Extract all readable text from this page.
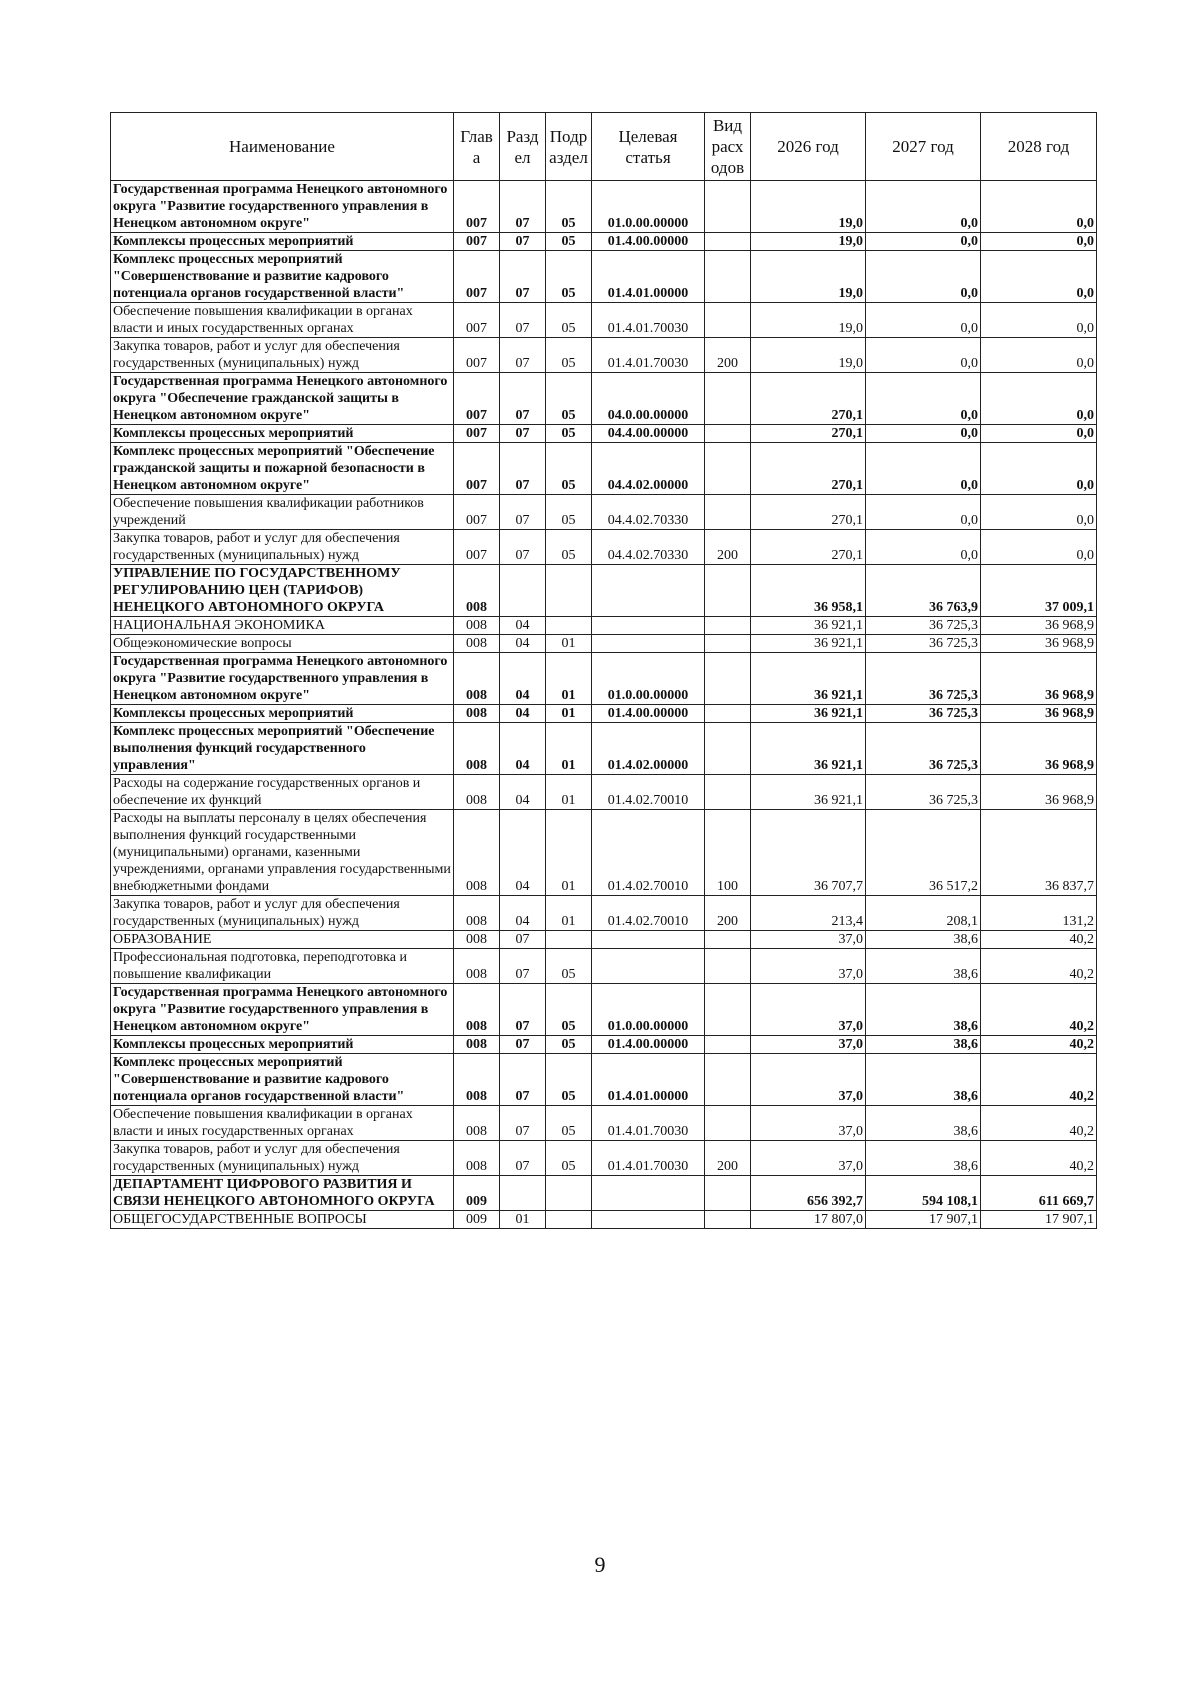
Наименование	Глав а	Разд ел	Подр аздел	Целевая статья	Вид расх одов	2026 год	2027 год	2028 год
Государственная программа Ненецкого автономного округа "Развитие государственного управления в Ненецком автономном округе"	007	07	05	01.0.00.00000		19,0	0,0	0,0
Комплексы процессных мероприятий	007	07	05	01.4.00.00000		19,0	0,0	0,0
Комплекс процессных мероприятий "Совершенствование и развитие кадрового потенциала органов государственной власти"	007	07	05	01.4.01.00000		19,0	0,0	0,0
Обеспечение повышения квалификации в органах власти и иных государственных органах	007	07	05	01.4.01.70030		19,0	0,0	0,0
Закупка товаров, работ и услуг для обеспечения государственных (муниципальных) нужд	007	07	05	01.4.01.70030	200	19,0	0,0	0,0
Государственная программа Ненецкого автономного округа "Обеспечение гражданской защиты в Ненецком автономном округе"	007	07	05	04.0.00.00000		270,1	0,0	0,0
Комплексы процессных мероприятий	007	07	05	04.4.00.00000		270,1	0,0	0,0
Комплекс процессных мероприятий "Обеспечение гражданской защиты и пожарной безопасности в Ненецком автономном округе"	007	07	05	04.4.02.00000		270,1	0,0	0,0
Обеспечение повышения квалификации работников учреждений	007	07	05	04.4.02.70330		270,1	0,0	0,0
Закупка товаров, работ и услуг для обеспечения государственных (муниципальных) нужд	007	07	05	04.4.02.70330	200	270,1	0,0	0,0
УПРАВЛЕНИЕ ПО ГОСУДАРСТВЕННОМУ РЕГУЛИРОВАНИЮ ЦЕН (ТАРИФОВ) НЕНЕЦКОГО АВТОНОМНОГО ОКРУГА	008					36 958,1	36 763,9	37 009,1
НАЦИОНАЛЬНАЯ ЭКОНОМИКА	008	04				36 921,1	36 725,3	36 968,9
Общеэкономические вопросы	008	04	01			36 921,1	36 725,3	36 968,9
Государственная программа Ненецкого автономного округа "Развитие государственного управления в Ненецком автономном округе"	008	04	01	01.0.00.00000		36 921,1	36 725,3	36 968,9
Комплексы процессных мероприятий	008	04	01	01.4.00.00000		36 921,1	36 725,3	36 968,9
Комплекс процессных мероприятий "Обеспечение выполнения функций государственного управления"	008	04	01	01.4.02.00000		36 921,1	36 725,3	36 968,9
Расходы на содержание государственных органов и обеспечение их функций	008	04	01	01.4.02.70010		36 921,1	36 725,3	36 968,9
Расходы на выплаты персоналу в целях обеспечения выполнения функций государственными (муниципальными) органами, казенными учреждениями, органами управления государственными внебюджетными фондами	008	04	01	01.4.02.70010	100	36 707,7	36 517,2	36 837,7
Закупка товаров, работ и услуг для обеспечения государственных (муниципальных) нужд	008	04	01	01.4.02.70010	200	213,4	208,1	131,2
ОБРАЗОВАНИЕ	008	07				37,0	38,6	40,2
Профессиональная подготовка, переподготовка и повышение квалификации	008	07	05			37,0	38,6	40,2
Государственная программа Ненецкого автономного округа "Развитие государственного управления в Ненецком автономном округе"	008	07	05	01.0.00.00000		37,0	38,6	40,2
Комплексы процессных мероприятий	008	07	05	01.4.00.00000		37,0	38,6	40,2
Комплекс процессных мероприятий "Совершенствование и развитие кадрового потенциала органов государственной власти"	008	07	05	01.4.01.00000		37,0	38,6	40,2
Обеспечение повышения квалификации в органах власти и иных государственных органах	008	07	05	01.4.01.70030		37,0	38,6	40,2
Закупка товаров, работ и услуг для обеспечения государственных (муниципальных) нужд	008	07	05	01.4.01.70030	200	37,0	38,6	40,2
ДЕПАРТАМЕНТ ЦИФРОВОГО РАЗВИТИЯ И СВЯЗИ НЕНЕЦКОГО АВТОНОМНОГО ОКРУГА	009					656 392,7	594 108,1	611 669,7
ОБЩЕГОСУДАРСТВЕННЫЕ ВОПРОСЫ	009	01				17 807,0	17 907,1	17 907,1
9
